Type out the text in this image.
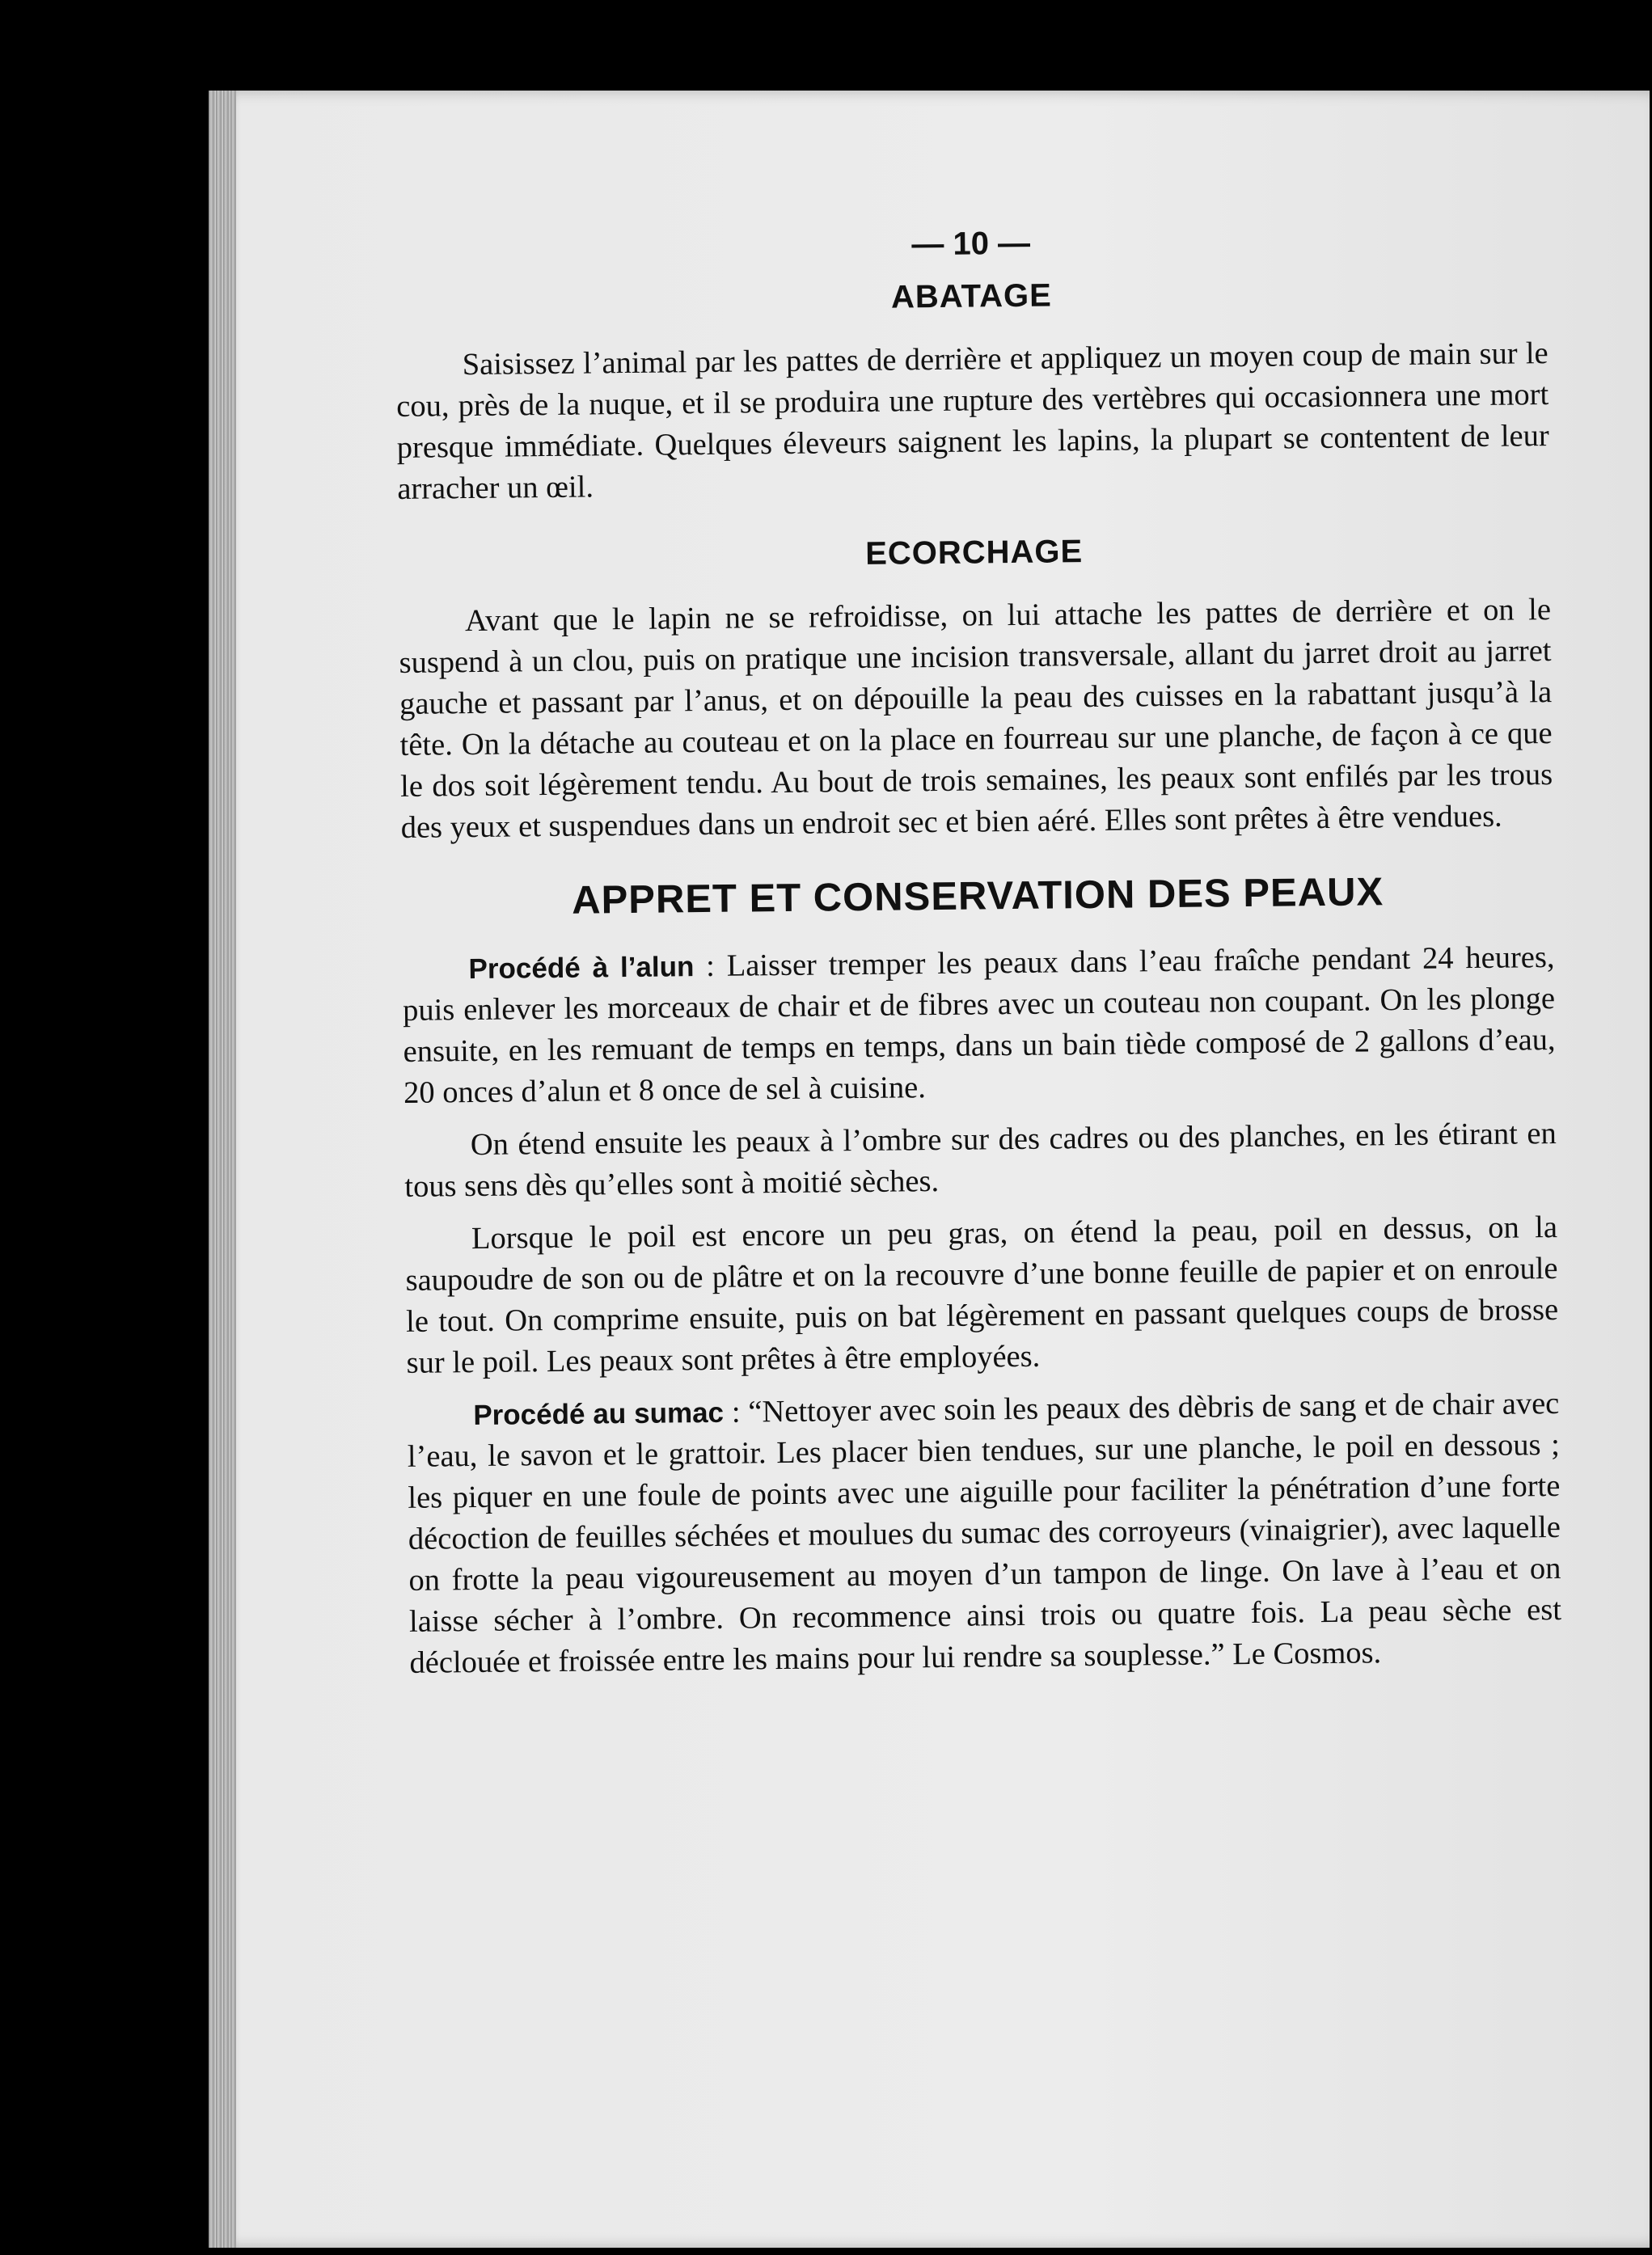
— 10 —
ABATAGE

Saisissez l’animal par les pattes de derrière et appliquez un moyen coup de main sur le cou, près de la nuque, et il se produira une rupture des vertèbres qui occasionnera une mort presque immédiate. Quelques éleveurs saignent les lapins, la plupart se contentent de leur arracher un œil.

ECORCHAGE

Avant que le lapin ne se refroidisse, on lui attache les pattes de derrière et on le suspend à un clou, puis on pratique une incision transversale, allant du jarret droit au jarret gauche et passant par l’anus, et on dépouille la peau des cuisses en la rabattant jusqu’à la tête. On la détache au couteau et on la place en fourreau sur une planche, de façon à ce que le dos soit légèrement tendu. Au bout de trois semaines, les peaux sont enfilés par les trous des yeux et suspendues dans un endroit sec et bien aéré. Elles sont prêtes à être vendues.

APPRET ET CONSERVATION DES PEAUX

Procédé à l’alun : Laisser tremper les peaux dans l’eau fraîche pendant 24 heures, puis enlever les morceaux de chair et de fibres avec un couteau non coupant. On les plonge ensuite, en les remuant de temps en temps, dans un bain tiède composé de 2 gallons d’eau, 20 onces d’alun et 8 once de sel à cuisine.

On étend ensuite les peaux à l’ombre sur des cadres ou des planches, en les étirant en tous sens dès qu’elles sont à moitié sèches.

Lorsque le poil est encore un peu gras, on étend la peau, poil en dessus, on la saupoudre de son ou de plâtre et on la recouvre d’une bonne feuille de papier et on enroule le tout. On comprime ensuite, puis on bat légèrement en passant quelques coups de brosse sur le poil. Les peaux sont prêtes à être employées.

Procédé au sumac : “Nettoyer avec soin les peaux des dèbris de sang et de chair avec l’eau, le savon et le grattoir. Les placer bien tendues, sur une planche, le poil en dessous ; les piquer en une foule de points avec une aiguille pour faciliter la pénétration d’une forte décoction de feuilles séchées et moulues du sumac des corroyeurs (vinaigrier), avec laquelle on frotte la peau vigoureusement au moyen d’un tampon de linge. On lave à l’eau et on laisse sécher à l’ombre. On recommence ainsi trois ou quatre fois. La peau sèche est déclouée et froissée entre les mains pour lui rendre sa souplesse.” Le Cosmos.
